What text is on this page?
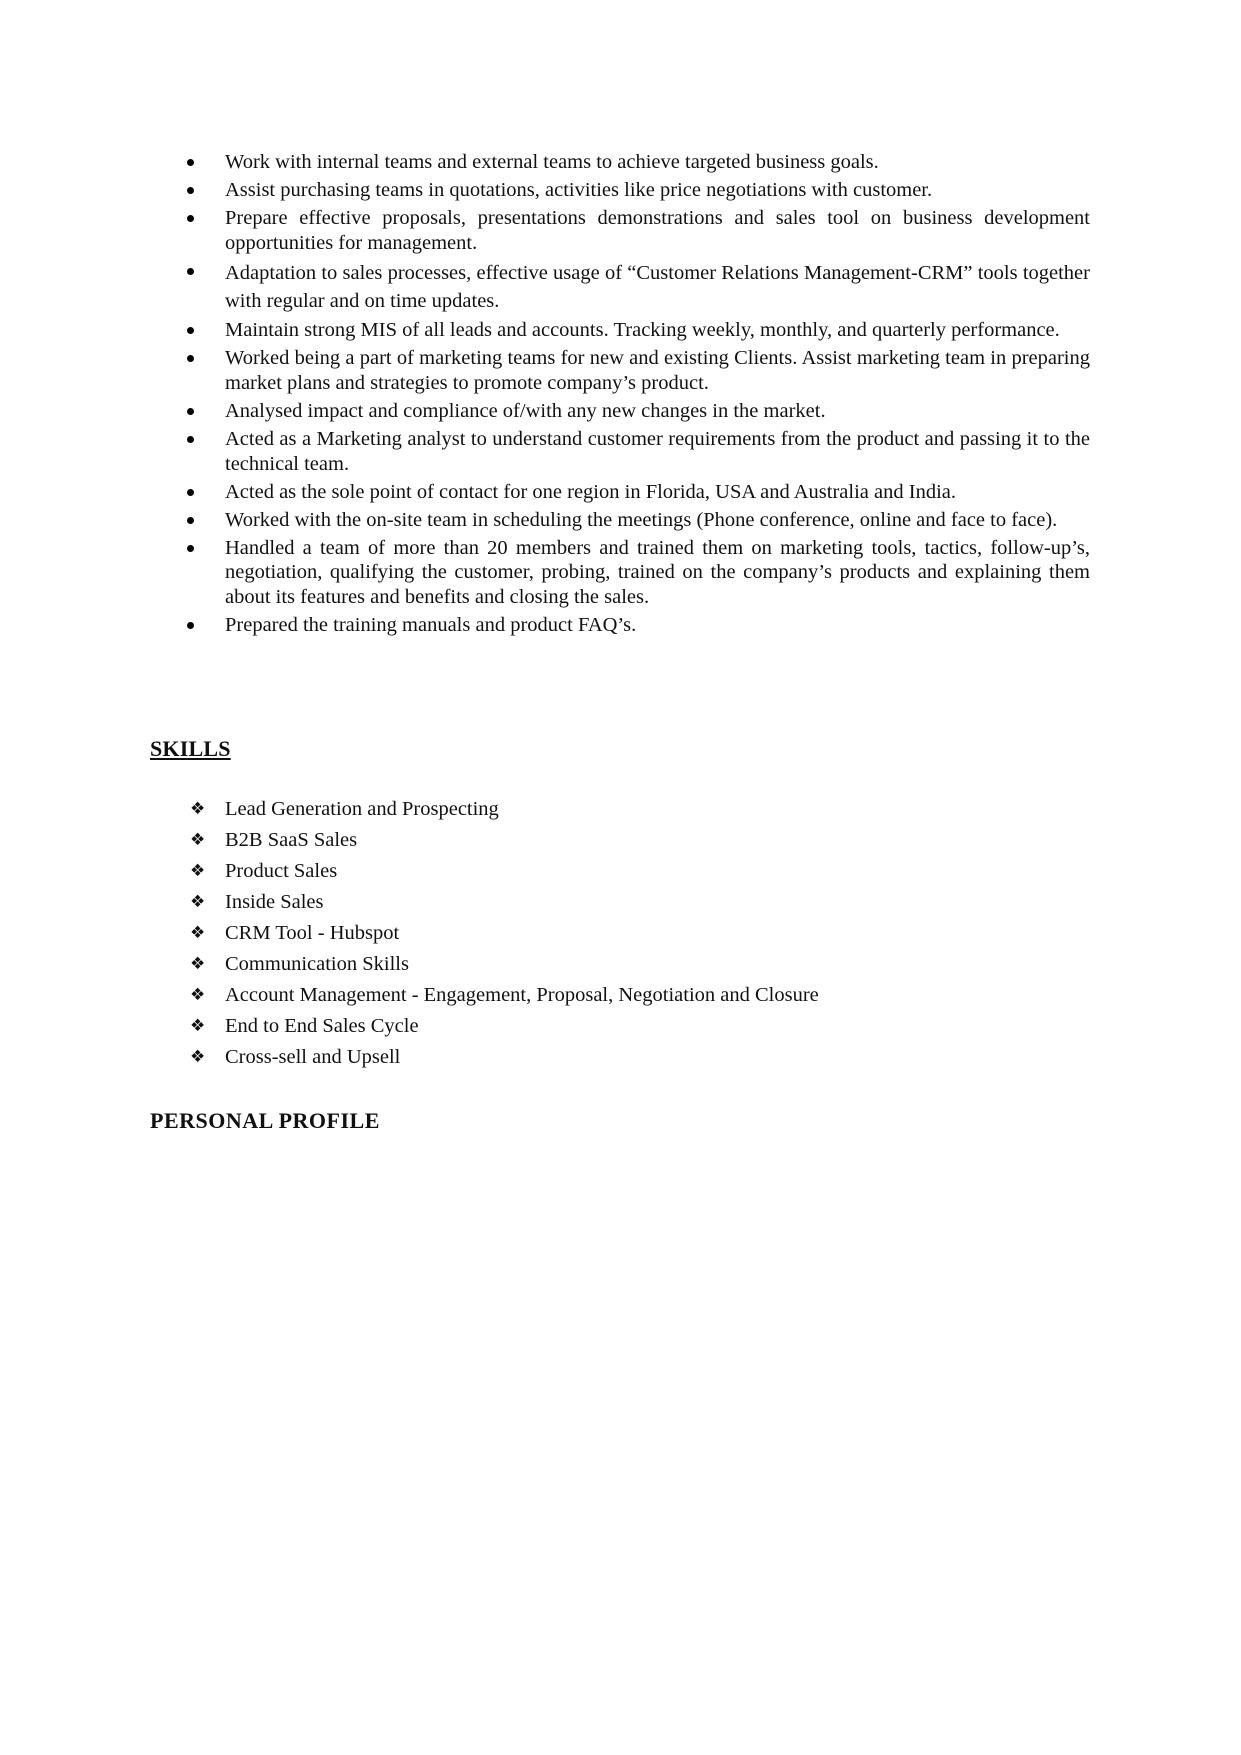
Work with internal teams and external teams to achieve targeted business goals.
Assist purchasing teams in quotations, activities like price negotiations with customer.
Prepare effective proposals, presentations demonstrations and sales tool on business development opportunities for management.
Adaptation to sales processes, effective usage of “Customer Relations Management-CRM” tools together with regular and on time updates.
Maintain strong MIS of all leads and accounts. Tracking weekly, monthly, and quarterly performance.
Worked being a part of marketing teams for new and existing Clients. Assist marketing team in preparing market plans and strategies to promote company’s product.
Analysed impact and compliance of/with any new changes in the market.
Acted as a Marketing analyst to understand customer requirements from the product and passing it to the technical team.
Acted as the sole point of contact for one region in Florida, USA and Australia and India.
Worked with the on-site team in scheduling the meetings (Phone conference, online and face to face).
Handled a team of more than 20 members and trained them on marketing tools, tactics, follow-up’s, negotiation, qualifying the customer, probing, trained on the company’s products and explaining them about its features and benefits and closing the sales.
Prepared the training manuals and product FAQ’s.
SKILLS
❖ Lead Generation and Prospecting
❖ B2B SaaS Sales
❖ Product Sales
❖ Inside Sales
❖ CRM Tool - Hubspot
❖ Communication Skills
❖ Account Management - Engagement, Proposal, Negotiation and Closure
❖ End to End Sales Cycle
❖ Cross-sell and Upsell
PERSONAL PROFILE
